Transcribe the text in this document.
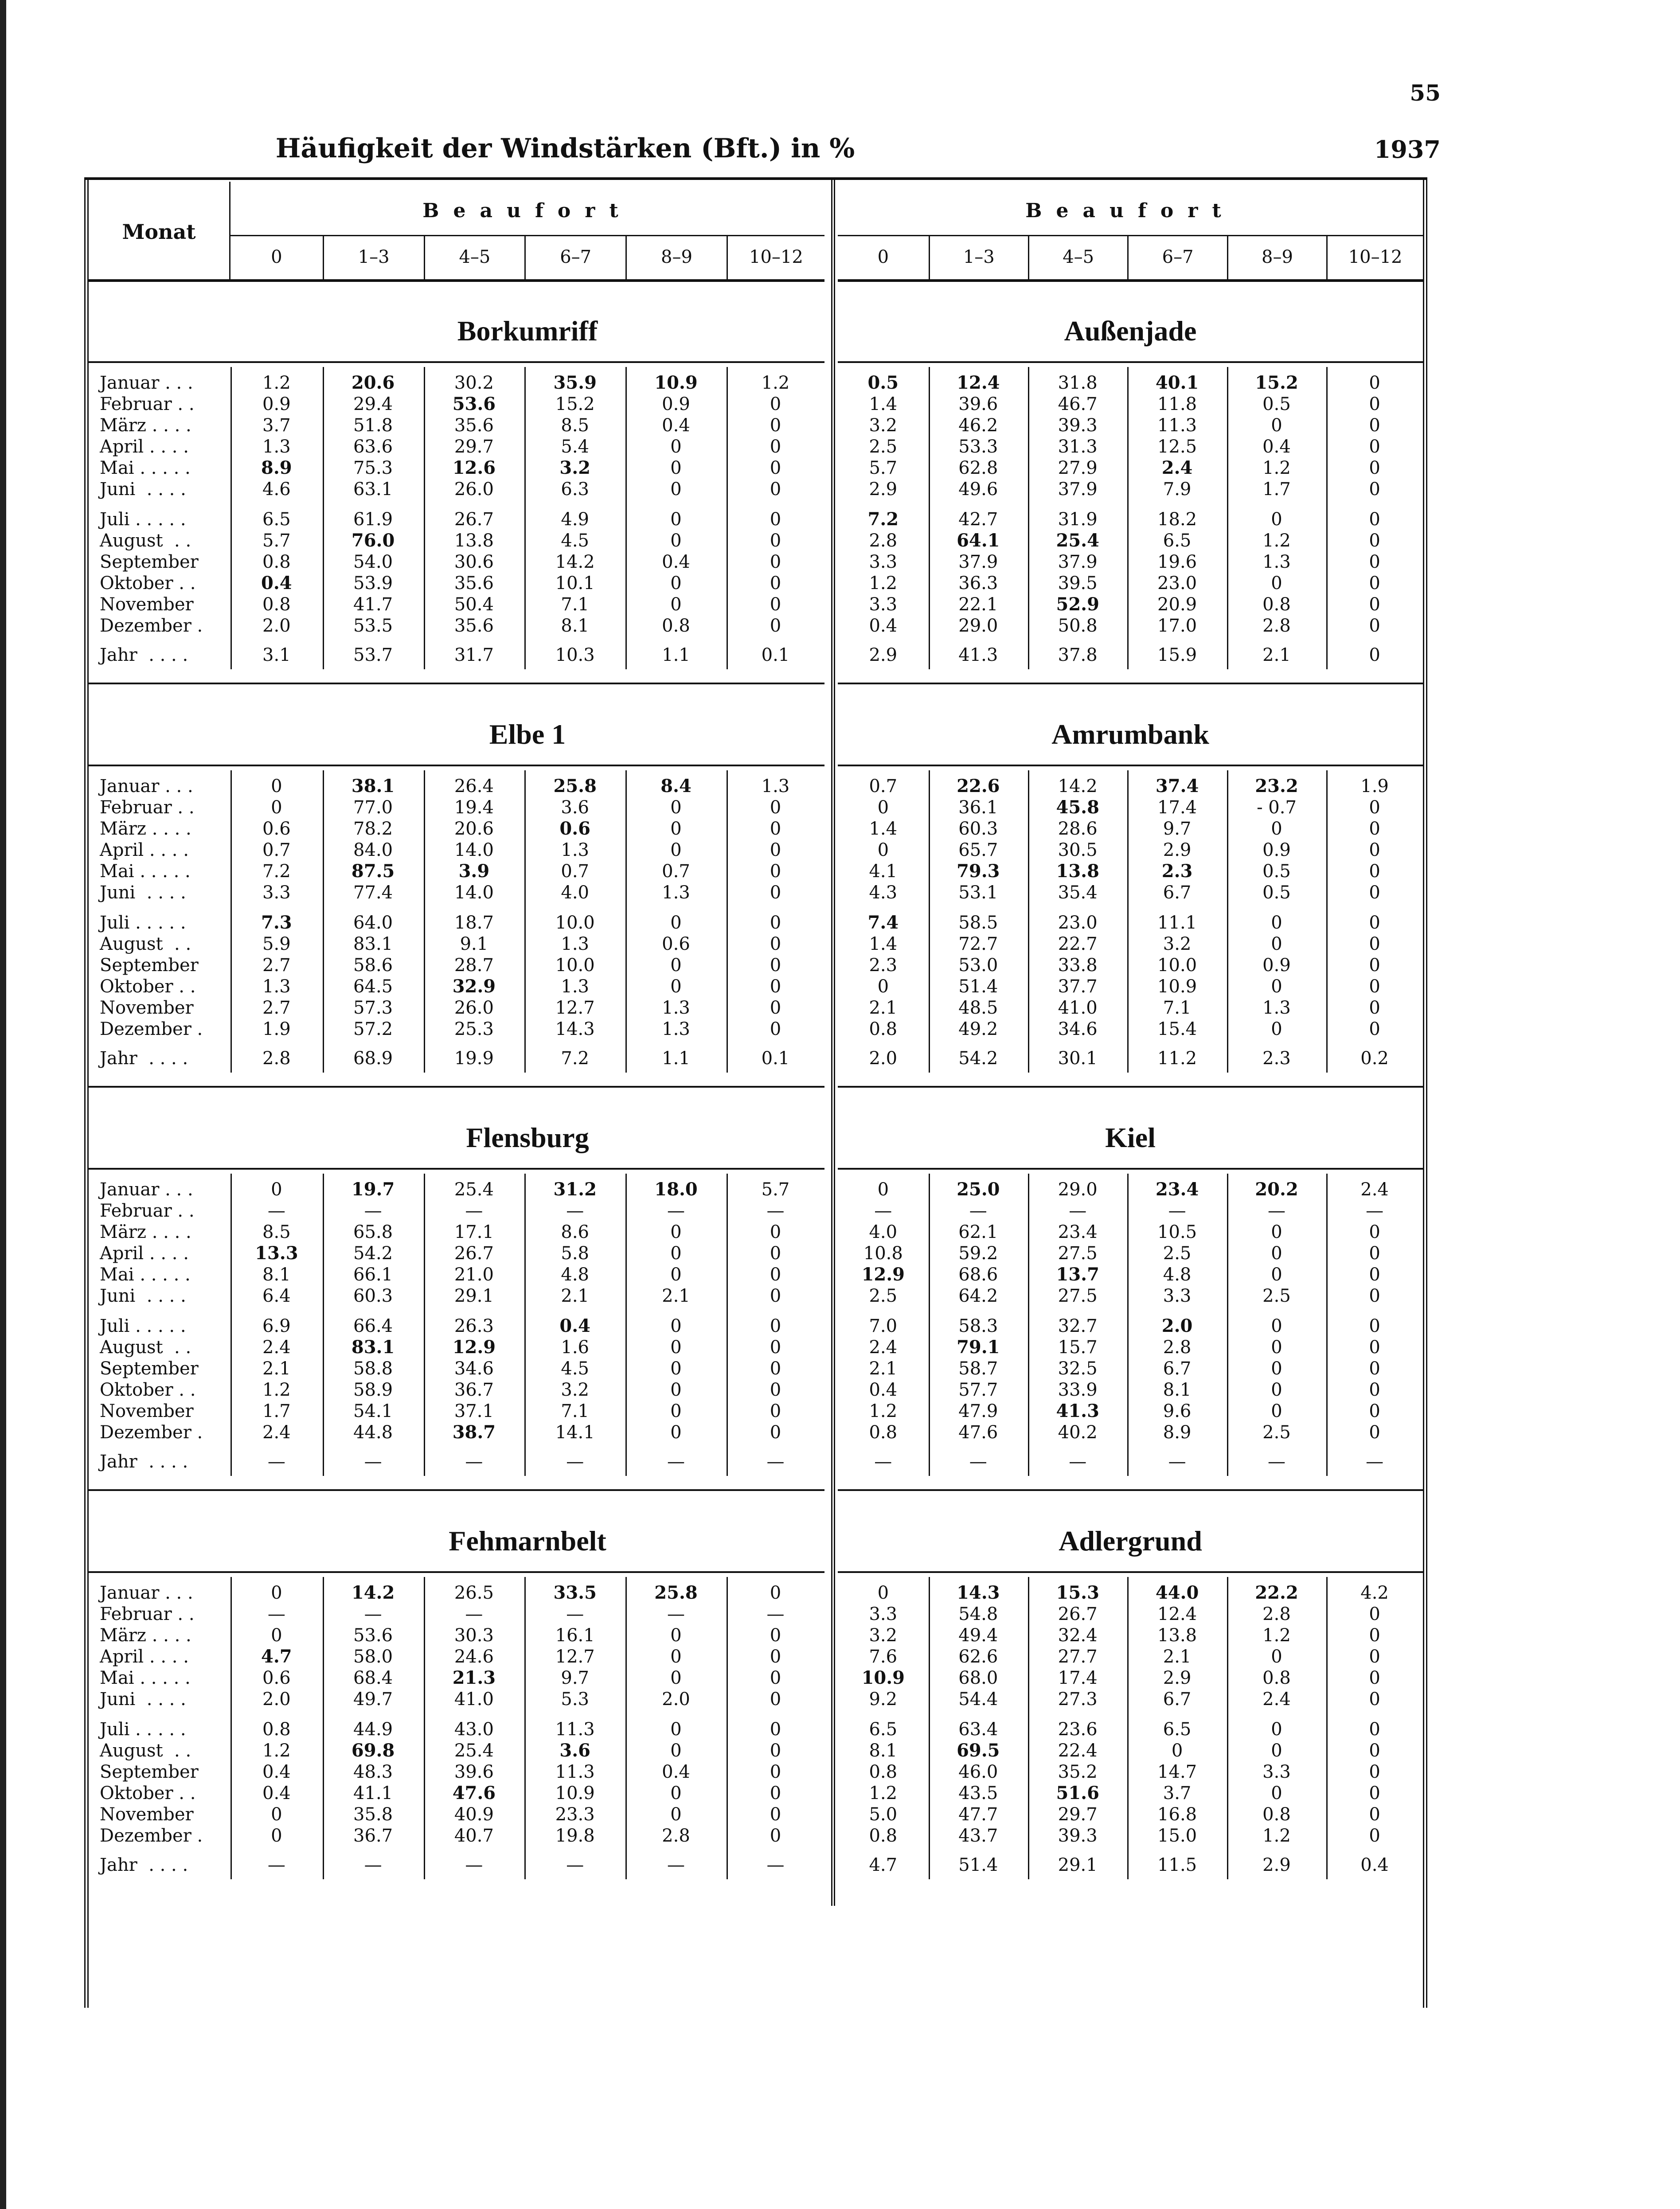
55
1937
Häufigkeit der Windstärken (Bft.) in %
Monat
Beaufort
0	1–3	4–5	6–7	8–9	10–12
Beaufort
0	1–3	4–5	6–7	8–9	10–12
Borkumriff
Januar . . .	1.2	20.6	30.2	35.9	10.9	1.2
Februar . .	0.9	29.4	53.6	15.2	0.9	0
März . . . .	3.7	51.8	35.6	8.5	0.4	0
April . . . .	1.3	63.6	29.7	5.4	0	0
Mai . . . . .	8.9	75.3	12.6	3.2	0	0
Juni  . . . .	4.6	63.1	26.0	6.3	0	0
Juli . . . . .	6.5	61.9	26.7	4.9	0	0
August  . .	5.7	76.0	13.8	4.5	0	0
September	0.8	54.0	30.6	14.2	0.4	0
Oktober . .	0.4	53.9	35.6	10.1	0	0
November	0.8	41.7	50.4	7.1	0	0
Dezember .	2.0	53.5	35.6	8.1	0.8	0
Jahr  . . . .	3.1	53.7	31.7	10.3	1.1	0.1
Außenjade
0.5	12.4	31.8	40.1	15.2	0
1.4	39.6	46.7	11.8	0.5	0
3.2	46.2	39.3	11.3	0	0
2.5	53.3	31.3	12.5	0.4	0
5.7	62.8	27.9	2.4	1.2	0
2.9	49.6	37.9	7.9	1.7	0
7.2	42.7	31.9	18.2	0	0
2.8	64.1	25.4	6.5	1.2	0
3.3	37.9	37.9	19.6	1.3	0
1.2	36.3	39.5	23.0	0	0
3.3	22.1	52.9	20.9	0.8	0
0.4	29.0	50.8	17.0	2.8	0
2.9	41.3	37.8	15.9	2.1	0
Elbe 1
Januar . . .	0	38.1	26.4	25.8	8.4	1.3
Februar . .	0	77.0	19.4	3.6	0	0
März . . . .	0.6	78.2	20.6	0.6	0	0
April . . . .	0.7	84.0	14.0	1.3	0	0
Mai . . . . .	7.2	87.5	3.9	0.7	0.7	0
Juni  . . . .	3.3	77.4	14.0	4.0	1.3	0
Juli . . . . .	7.3	64.0	18.7	10.0	0	0
August  . .	5.9	83.1	9.1	1.3	0.6	0
September	2.7	58.6	28.7	10.0	0	0
Oktober . .	1.3	64.5	32.9	1.3	0	0
November	2.7	57.3	26.0	12.7	1.3	0
Dezember .	1.9	57.2	25.3	14.3	1.3	0
Jahr  . . . .	2.8	68.9	19.9	7.2	1.1	0.1
Amrumbank
0.7	22.6	14.2	37.4	23.2	1.9
0	36.1	45.8	17.4	- 0.7	0
1.4	60.3	28.6	9.7	0	0
0	65.7	30.5	2.9	0.9	0
4.1	79.3	13.8	2.3	0.5	0
4.3	53.1	35.4	6.7	0.5	0
7.4	58.5	23.0	11.1	0	0
1.4	72.7	22.7	3.2	0	0
2.3	53.0	33.8	10.0	0.9	0
0	51.4	37.7	10.9	0	0
2.1	48.5	41.0	7.1	1.3	0
0.8	49.2	34.6	15.4	0	0
2.0	54.2	30.1	11.2	2.3	0.2
Flensburg
Januar . . .	0	19.7	25.4	31.2	18.0	5.7
Februar . .	—	—	—	—	—	—
März . . . .	8.5	65.8	17.1	8.6	0	0
April . . . .	13.3	54.2	26.7	5.8	0	0
Mai . . . . .	8.1	66.1	21.0	4.8	0	0
Juni  . . . .	6.4	60.3	29.1	2.1	2.1	0
Juli . . . . .	6.9	66.4	26.3	0.4	0	0
August  . .	2.4	83.1	12.9	1.6	0	0
September	2.1	58.8	34.6	4.5	0	0
Oktober . .	1.2	58.9	36.7	3.2	0	0
November	1.7	54.1	37.1	7.1	0	0
Dezember .	2.4	44.8	38.7	14.1	0	0
Jahr  . . . .	—	—	—	—	—	—
Kiel
0	25.0	29.0	23.4	20.2	2.4
—	—	—	—	—	—
4.0	62.1	23.4	10.5	0	0
10.8	59.2	27.5	2.5	0	0
12.9	68.6	13.7	4.8	0	0
2.5	64.2	27.5	3.3	2.5	0
7.0	58.3	32.7	2.0	0	0
2.4	79.1	15.7	2.8	0	0
2.1	58.7	32.5	6.7	0	0
0.4	57.7	33.9	8.1	0	0
1.2	47.9	41.3	9.6	0	0
0.8	47.6	40.2	8.9	2.5	0
—	—	—	—	—	—
Fehmarnbelt
Januar . . .	0	14.2	26.5	33.5	25.8	0
Februar . .	—	—	—	—	—	—
März . . . .	0	53.6	30.3	16.1	0	0
April . . . .	4.7	58.0	24.6	12.7	0	0
Mai . . . . .	0.6	68.4	21.3	9.7	0	0
Juni  . . . .	2.0	49.7	41.0	5.3	2.0	0
Juli . . . . .	0.8	44.9	43.0	11.3	0	0
August  . .	1.2	69.8	25.4	3.6	0	0
September	0.4	48.3	39.6	11.3	0.4	0
Oktober . .	0.4	41.1	47.6	10.9	0	0
November	0	35.8	40.9	23.3	0	0
Dezember .	0	36.7	40.7	19.8	2.8	0
Jahr  . . . .	—	—	—	—	—	—
Adlergrund
0	14.3	15.3	44.0	22.2	4.2
3.3	54.8	26.7	12.4	2.8	0
3.2	49.4	32.4	13.8	1.2	0
7.6	62.6	27.7	2.1	0	0
10.9	68.0	17.4	2.9	0.8	0
9.2	54.4	27.3	6.7	2.4	0
6.5	63.4	23.6	6.5	0	0
8.1	69.5	22.4	0	0	0
0.8	46.0	35.2	14.7	3.3	0
1.2	43.5	51.6	3.7	0	0
5.0	47.7	29.7	16.8	0.8	0
0.8	43.7	39.3	15.0	1.2	0
4.7	51.4	29.1	11.5	2.9	0.4
